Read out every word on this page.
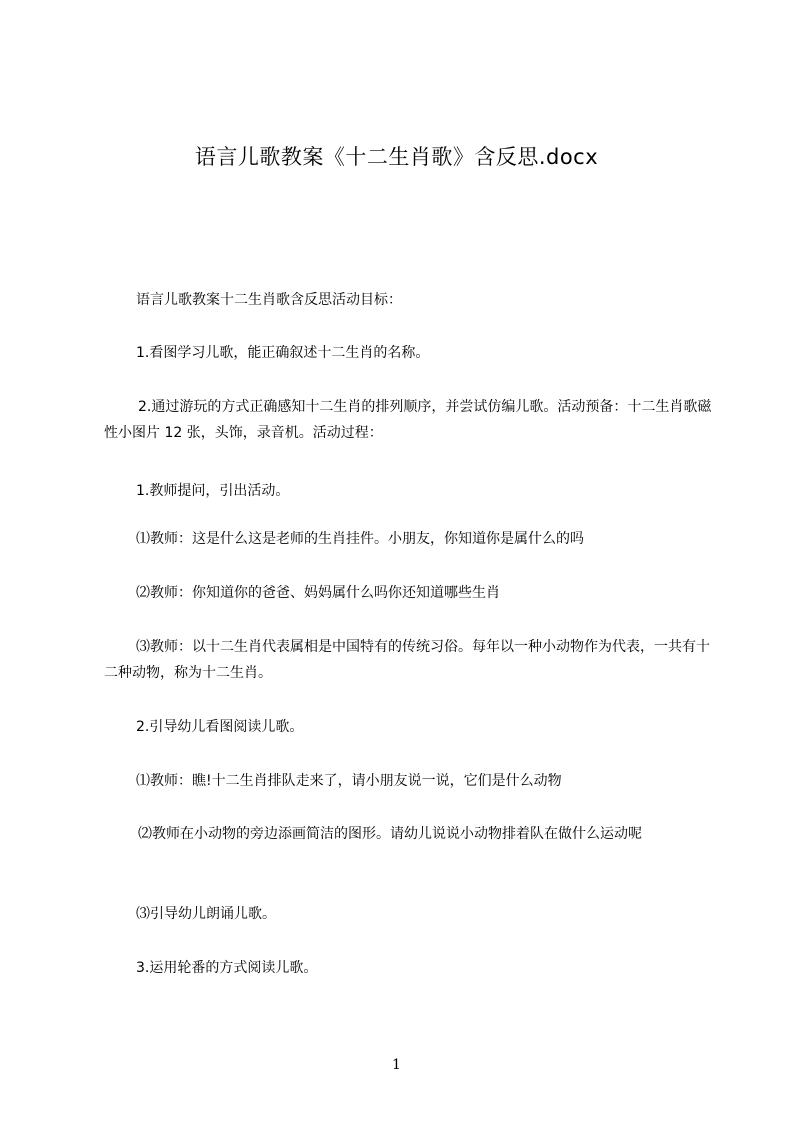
语言儿歌教案《十二生肖歌》含反思.docx

语言儿歌教案十二生肖歌含反思活动目标：

1.看图学习儿歌，能正确叙述十二生肖的名称。

2.通过游玩的方式正确感知十二生肖的排列顺序，并尝试仿编儿歌。活动预备：十二生肖歌磁性小图片 12 张，头饰，录音机。活动过程：

1.教师提问，引出活动。

⑴教师：这是什么这是老师的生肖挂件。小朋友，你知道你是属什么的吗

⑵教师：你知道你的爸爸、妈妈属什么吗你还知道哪些生肖

⑶教师：以十二生肖代表属相是中国特有的传统习俗。每年以一种小动物作为代表，一共有十二种动物，称为十二生肖。

2.引导幼儿看图阅读儿歌。

⑴教师：瞧!十二生肖排队走来了，请小朋友说一说，它们是什么动物

⑵教师在小动物的旁边添画简洁的图形。请幼儿说说小动物排着队在做什么运动呢

⑶引导幼儿朗诵儿歌。

3.运用轮番的方式阅读儿歌。

1
